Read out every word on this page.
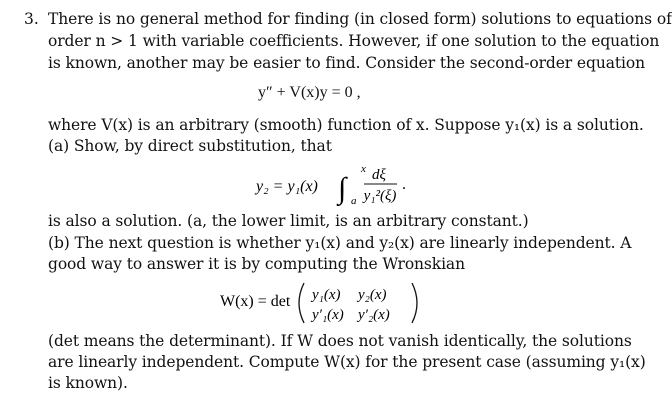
3. There is no general method for finding (in closed form) solutions to equations of
order n > 1 with variable coefficients. However, if one solution to the equation
is known, another may be easier to find. Consider the second-order equation
y″ + V(x)y = 0 ,
where V(x) is an arbitrary (smooth) function of x. Suppose y₁(x) is a solution.
(a) Show, by direct substitution, that
y₂ = y₁(x) ∫
x
a
dξ
y₁²(ξ)
.
is also a solution. (a, the lower limit, is an arbitrary constant.)
(b) The next question is whether y₁(x) and y₂(x) are linearly independent. A
good way to answer it is by computing the Wronskian
W(x) = det y₁(x) y₂(x)
y′₁(x) y′₂(x)
(det means the determinant). If W does not vanish identically, the solutions
are linearly independent. Compute W(x) for the present case (assuming y₁(x)
is known).
